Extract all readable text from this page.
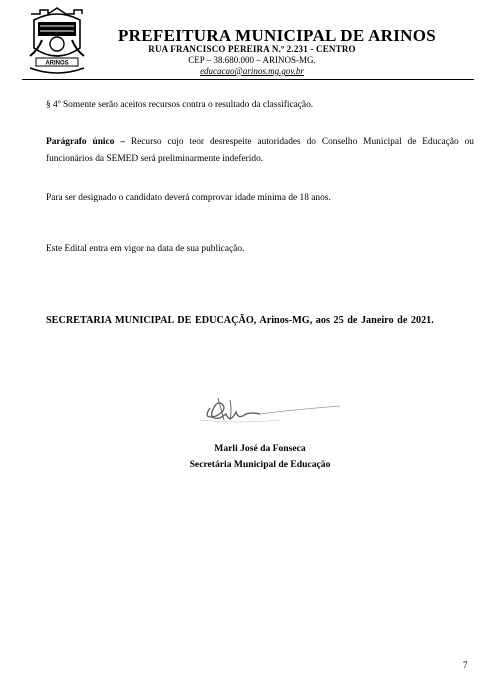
ARINOS
PREFEITURA MUNICIPAL DE ARINOS
RUA FRANCISCO PEREIRA N.º 2.231 - CENTRO
CEP – 38.680.000 – ARINOS-MG.
educacao@arinos.mg.gov.br
§ 4º Somente serão aceitos recursos contra o resultado da classificação.
Parágrafo único – Recurso cujo teor desrespeite autoridades do Conselho Municipal de Educação ou funcionários da SEMED será preliminarmente indeferido.
Para ser designado o candidato deverá comprovar idade mínima de 18 anos.
Este Edital entra em vigor na data de sua publicação.
SECRETARIA MUNICIPAL DE EDUCAÇÃO, Arinos-MG, aos 25 de Janeiro de 2021.
Marli José da Fonseca
Secretária Municipal de Educação
7
